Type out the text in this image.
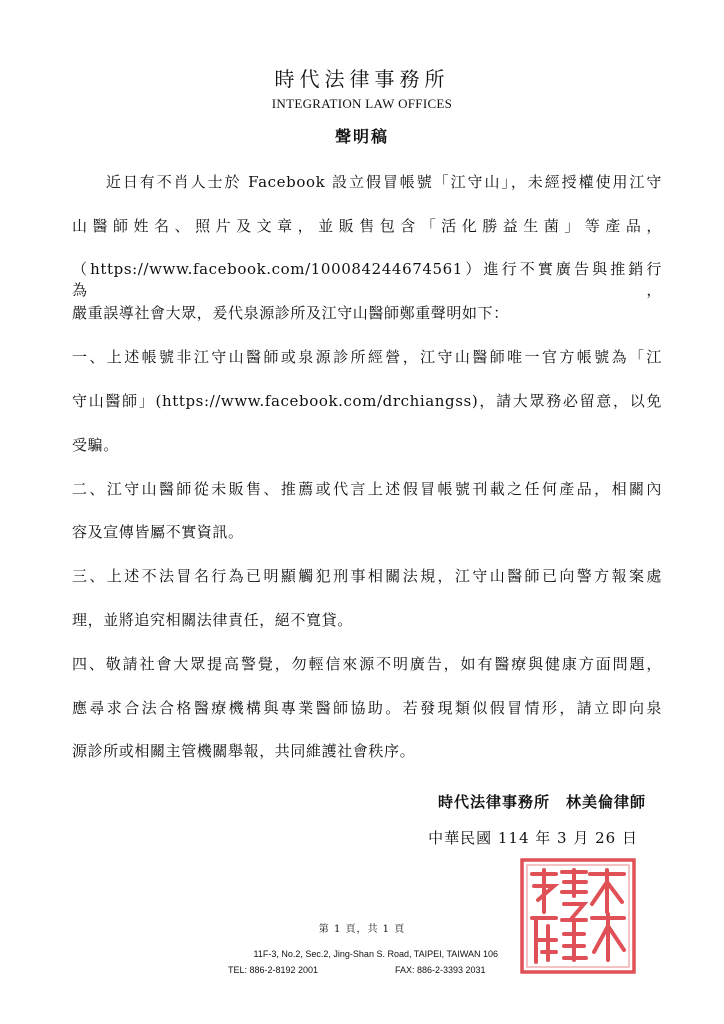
時代法律事務所
INTEGRATION LAW OFFICES
聲明稿
　　近日有不肖人士於 Facebook 設立假冒帳號「江守山」，未經授權使用江守
山醫師姓名、照片及文章，並販售包含「活化勝益生菌」等產品，
（https://www.facebook.com/100084244674561）進行不實廣告與推銷行為，
嚴重誤導社會大眾，爰代泉源診所及江守山醫師鄭重聲明如下：
一、上述帳號非江守山醫師或泉源診所經營，江守山醫師唯一官方帳號為「江
守山醫師」(https://www.facebook.com/drchiangss)，請大眾務必留意，以免
受騙。
二、江守山醫師從未販售、推薦或代言上述假冒帳號刊載之任何產品，相關內
容及宣傳皆屬不實資訊。
三、上述不法冒名行為已明顯觸犯刑事相關法規，江守山醫師已向警方報案處
理，並將追究相關法律責任，絕不寬貸。
四、敬請社會大眾提高警覺，勿輕信來源不明廣告，如有醫療與健康方面問題，
應尋求合法合格醫療機構與專業醫師協助。若發現類似假冒情形，請立即向泉
源診所或相關主管機關舉報，共同維護社會秩序。
時代法律事務所　林美倫律師
中華民國 114 年 3 月 26 日
第 1 頁，共 1 頁
11F-3, No.2, Sec.2, Jing-Shan S. Road, TAIPEI, TAIWAN 106
TEL: 886-2-8192 2001	FAX: 886-2-3393 2031
